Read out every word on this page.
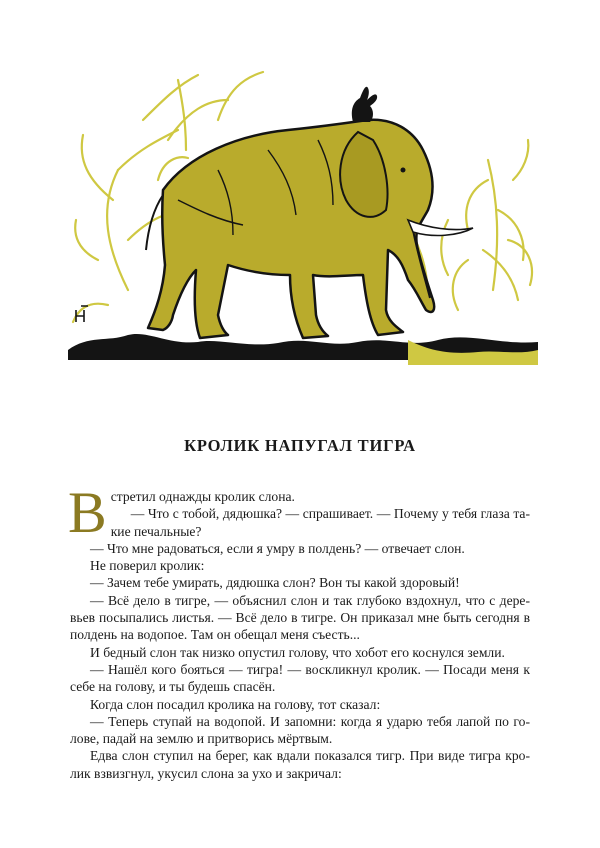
КРОЛИК НАПУГАЛ ТИГРА

Встретил однажды кролик слона.

— Что с тобой, дядюшка? — спрашивает. — Почему у тебя глаза такие печальные?

— Что мне радоваться, если я умру в полдень? — отвечает слон.

Не поверил кролик:

— Зачем тебе умирать, дядюшка слон? Вон ты какой здоровый!

— Всё дело в тигре, — объяснил слон и так глубоко вздохнул, что с деревьев посыпались листья. — Всё дело в тигре. Он приказал мне быть сегодня в полдень на водопое. Там он обещал меня съесть...

И бедный слон так низко опустил голову, что хобот его коснулся земли.

— Нашёл кого бояться — тигра! — воскликнул кролик. — Посади меня к себе на голову, и ты будешь спасён.

Когда слон посадил кролика на голову, тот сказал:

— Теперь ступай на водопой. И запомни: когда я ударю тебя лапой по голове, падай на землю и притворись мёртвым.

Едва слон ступил на берег, как вдали показался тигр. При виде тигра кролик взвизгнул, укусил слона за ухо и закричал:
